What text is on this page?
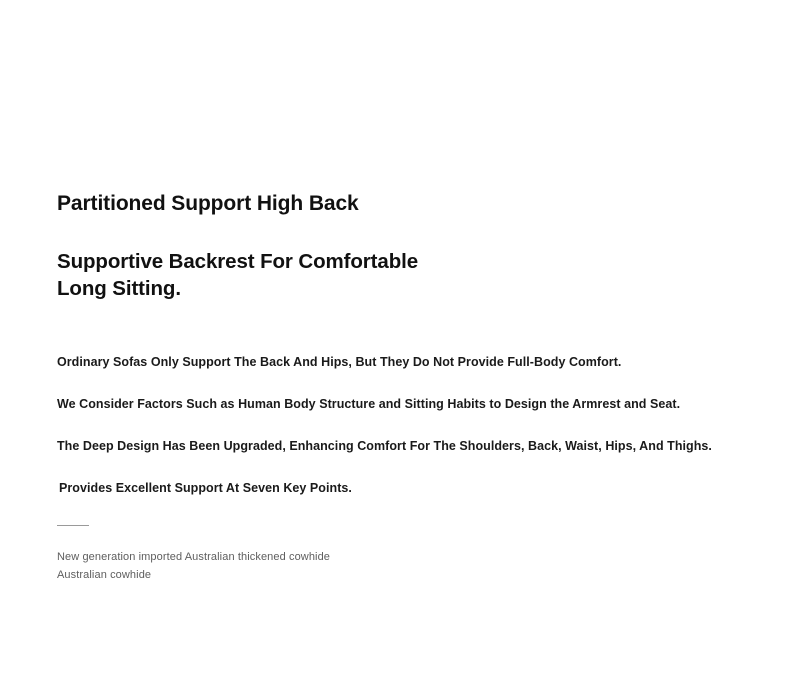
Partitioned Support High Back
Supportive Backrest For Comfortable
Long Sitting.
Ordinary Sofas Only Support The Back And Hips, But They Do Not Provide Full-Body Comfort.
We Consider Factors Such as Human Body Structure and Sitting Habits to Design the Armrest and Seat.
The Deep Design Has Been Upgraded, Enhancing Comfort For The Shoulders, Back, Waist, Hips, And Thighs.
Provides Excellent Support At Seven Key Points.
New generation imported Australian thickened cowhide
Australian cowhide
